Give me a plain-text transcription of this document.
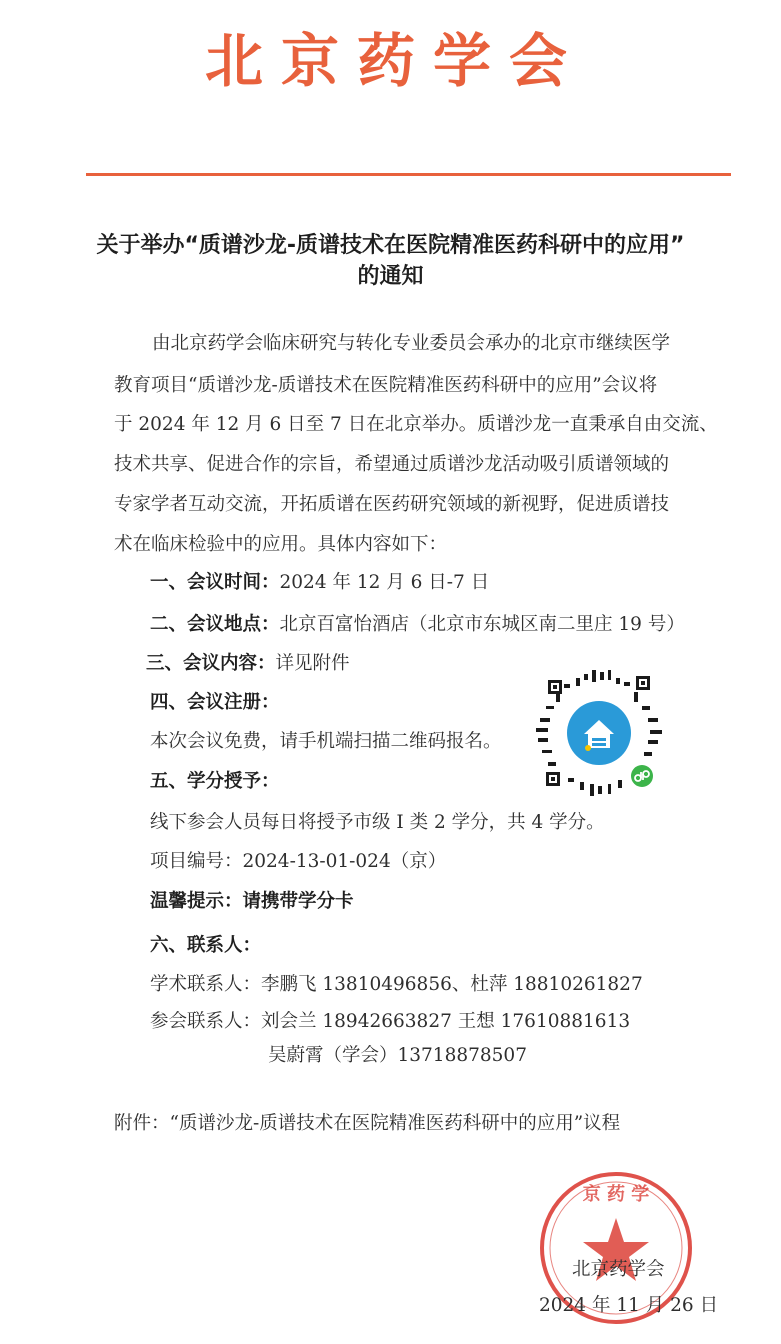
北京药学会
关于举办“质谱沙龙-质谱技术在医院精准医药科研中的应用”
的通知
由北京药学会临床研究与转化专业委员会承办的北京市继续医学
教育项目“质谱沙龙-质谱技术在医院精准医药科研中的应用”会议将
于 2024 年 12 月 6 日至 7 日在北京举办。质谱沙龙一直秉承自由交流、
技术共享、促进合作的宗旨，希望通过质谱沙龙活动吸引质谱领域的
专家学者互动交流，开拓质谱在医药研究领域的新视野，促进质谱技
术在临床检验中的应用。具体内容如下：
一、会议时间：2024 年 12 月 6 日-7 日
二、会议地点：北京百富怡酒店（北京市东城区南二里庄 19 号）
三、会议内容：详见附件
四、会议注册：
本次会议免费，请手机端扫描二维码报名。
五、学分授予：
线下参会人员每日将授予市级 I 类 2 学分，共 4 学分。
项目编号：2024-13-01-024（京）
温馨提示：请携带学分卡
六、联系人：
学术联系人：李鹏飞 13810496856、杜萍 18810261827
参会联系人：刘会兰 18942663827 王想 17610881613
吴蔚霄（学会）13718878507
附件：“质谱沙龙-质谱技术在医院精准医药科研中的应用”议程
京 药 学
北京药学会
2024 年 11 月 26 日
